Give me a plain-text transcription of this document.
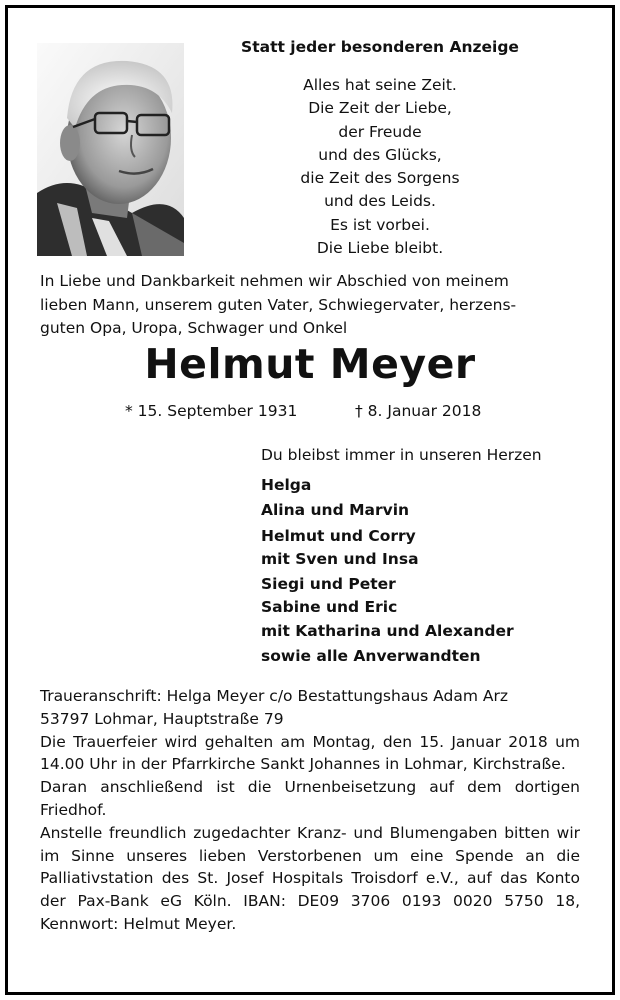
Statt jeder besonderen Anzeige
Alles hat seine Zeit.
Die Zeit der Liebe,
der Freude
und des Glücks,
die Zeit des Sorgens
und des Leids.
Es ist vorbei.
Die Liebe bleibt.
In Liebe und Dankbarkeit nehmen wir Abschied von meinem
lieben Mann, unserem guten Vater, Schwiegervater, herzens-
guten Opa, Uropa, Schwager und Onkel
Helmut Meyer
* 15. September 1931	† 8. Januar 2018
Du bleibst immer in unseren Herzen
Helga
Alina und Marvin
Helmut und Corry
mit Sven und Insa
Siegi und Peter
Sabine und Eric
mit Katharina und Alexander
sowie alle Anverwandten
Traueranschrift: Helga Meyer c/o Bestattungshaus Adam Arz
53797 Lohmar, Hauptstraße 79
Die Trauerfeier wird gehalten am Montag, den 15. Januar 2018 um 14.00 Uhr in der Pfarrkirche Sankt Johannes in Lohmar, Kirchstraße.
Daran anschließend ist die Urnenbeisetzung auf dem dortigen Friedhof.
Anstelle freundlich zugedachter Kranz- und Blumengaben bitten wir im Sinne unseres lieben Verstorbenen um eine Spende an die Palliativstation des St. Josef Hospitals Troisdorf e.V., auf das Konto der Pax-Bank eG Köln. IBAN: DE09 3706 0193 0020 5750 18, Kennwort: Helmut Meyer.
